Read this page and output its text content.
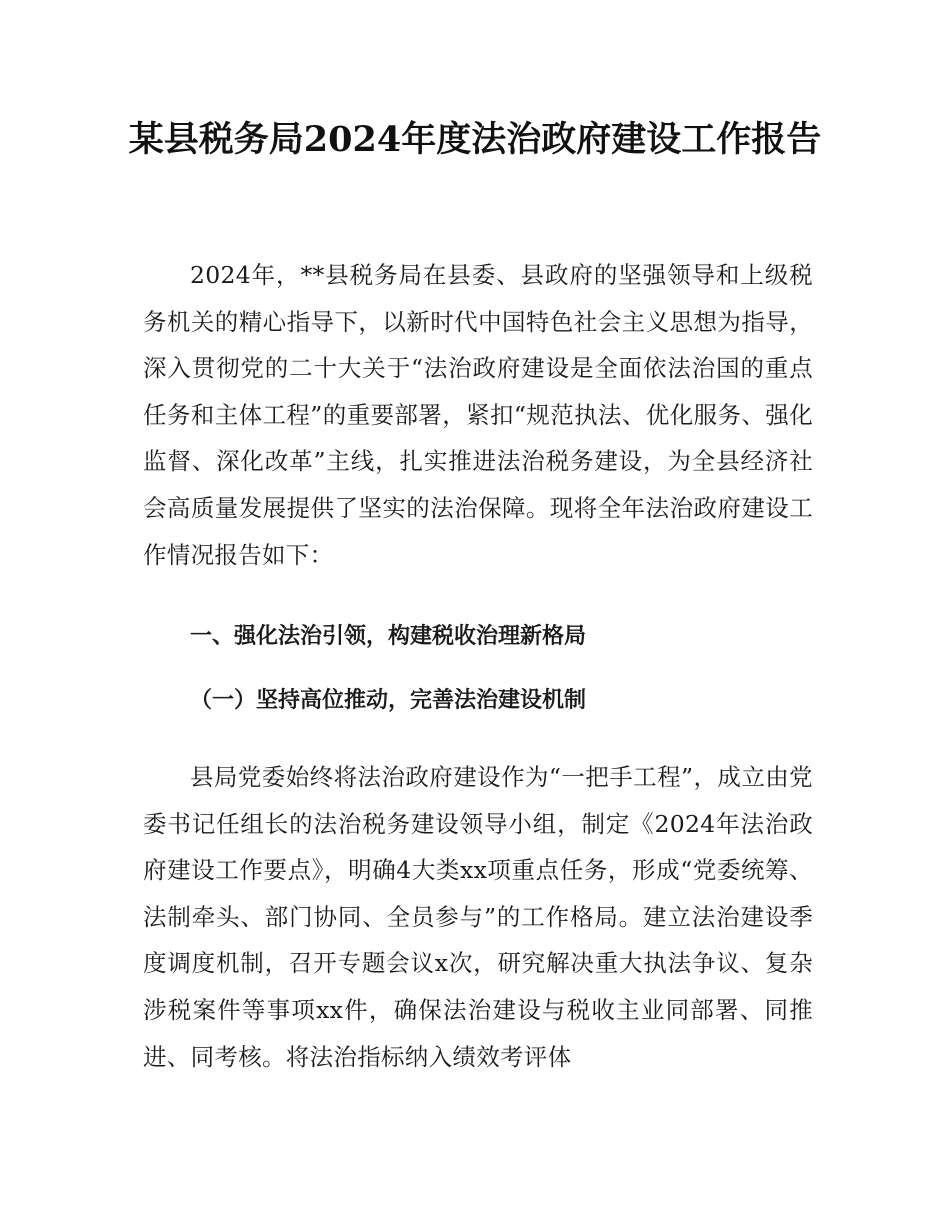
某县税务局2024年度法治政府建设工作报告

2024年，**县税务局在县委、县政府的坚强领导和上级税务机关的精心指导下，以新时代中国特色社会主义思想为指导，深入贯彻党的二十大关于“法治政府建设是全面依法治国的重点任务和主体工程”的重要部署，紧扣“规范执法、优化服务、强化监督、深化改革”主线，扎实推进法治税务建设，为全县经济社会高质量发展提供了坚实的法治保障。现将全年法治政府建设工作情况报告如下：

一、强化法治引领，构建税收治理新格局
（一）坚持高位推动，完善法治建设机制

县局党委始终将法治政府建设作为“一把手工程”，成立由党委书记任组长的法治税务建设领导小组，制定《2024年法治政府建设工作要点》，明确4大类xx项重点任务，形成“党委统筹、法制牵头、部门协同、全员参与”的工作格局。建立法治建设季度调度机制，召开专题会议x次，研究解决重大执法争议、复杂涉税案件等事项xx件，确保法治建设与税收主业同部署、同推进、同考核。将法治指标纳入绩效考评体
